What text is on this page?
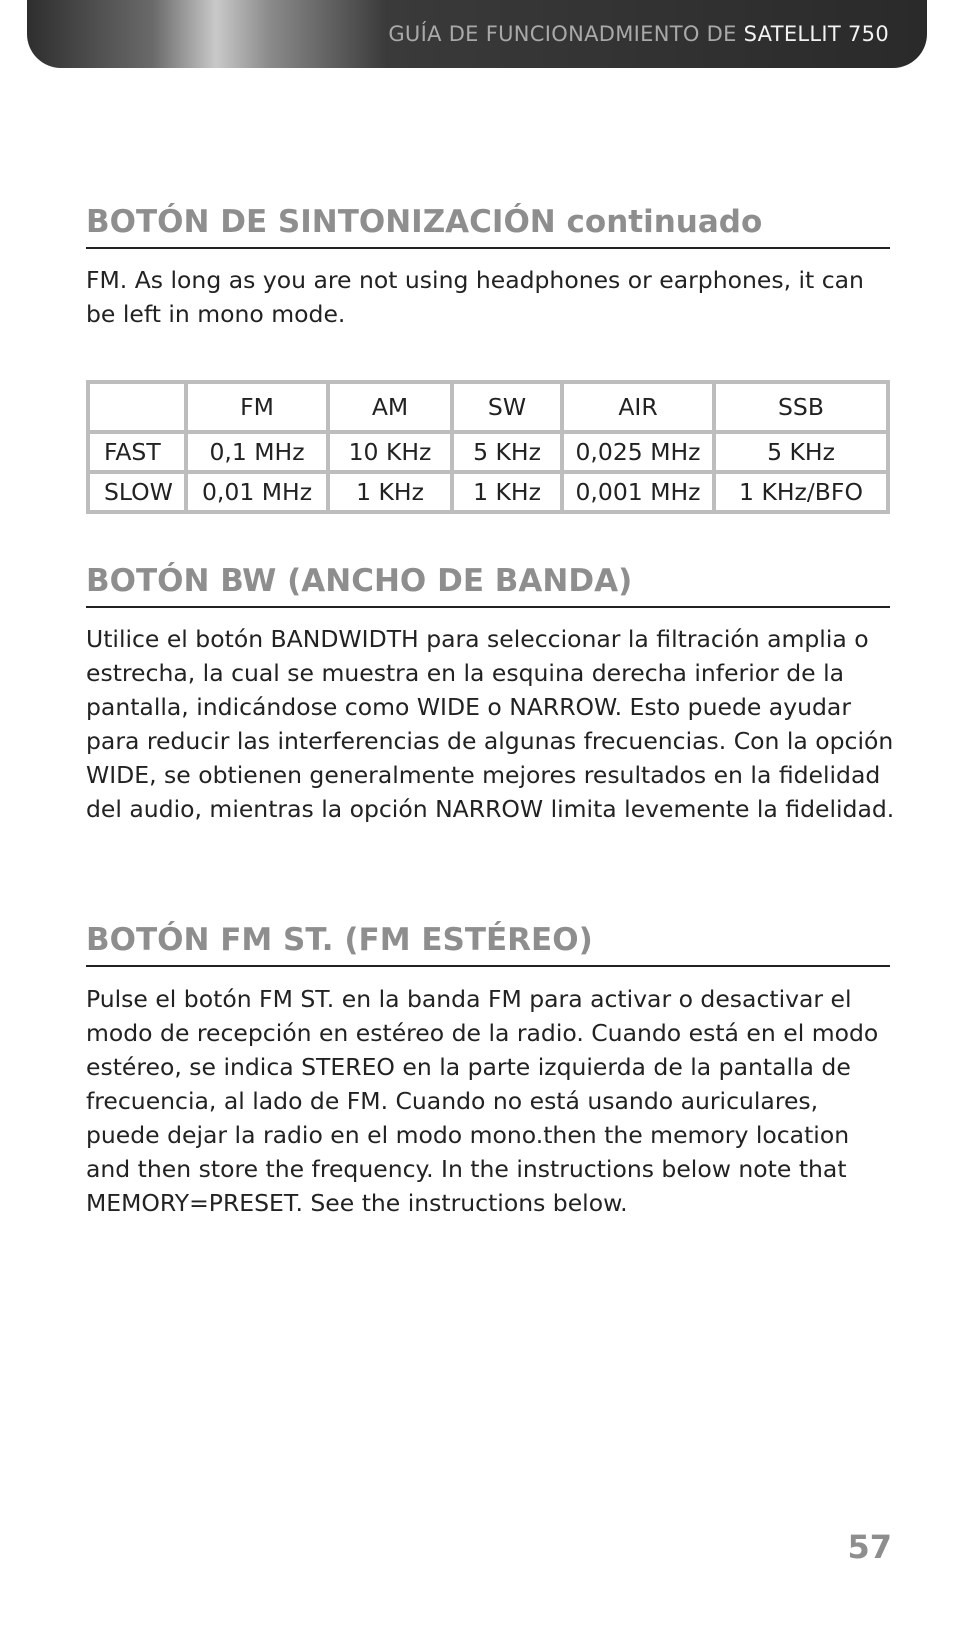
GUÍA DE FUNCIONADMIENTO DE SATELLIT 750
BOTÓN DE SINTONIZACIÓN continuado

FM. As long as you are not using headphones or earphones, it can be left in mono mode.

	FM	AM	SW	AIR	SSB
FAST	0,1 MHz	10 KHz	5 KHz	0,025 MHz	5 KHz
SLOW	0,01 MHz	1 KHz	1 KHz	0,001 MHz	1 KHz/BFO
BOTÓN BW (ANCHO DE BANDA)

Utilice el botón BANDWIDTH para seleccionar la filtración amplia o estrecha, la cual se muestra en la esquina derecha inferior de la pantalla, indicándose como WIDE o NARROW. Esto puede ayudar para reducir las interferencias de algunas frecuencias. Con la opción WIDE, se obtienen generalmente mejores resultados en la fidelidad del audio, mientras la opción NARROW limita levemente la fidelidad.

BOTÓN FM ST. (FM ESTÉREO)

Pulse el botón FM ST. en la banda FM para activar o desactivar el modo de recepción en estéreo de la radio. Cuando está en el modo estéreo, se indica STEREO en la parte izquierda de la pantalla de frecuencia, al lado de FM. Cuando no está usando auriculares, puede dejar la radio en el modo mono.then the memory location and then store the frequency. In the instructions below note that MEMORY=PRESET. See the instructions below.

57
